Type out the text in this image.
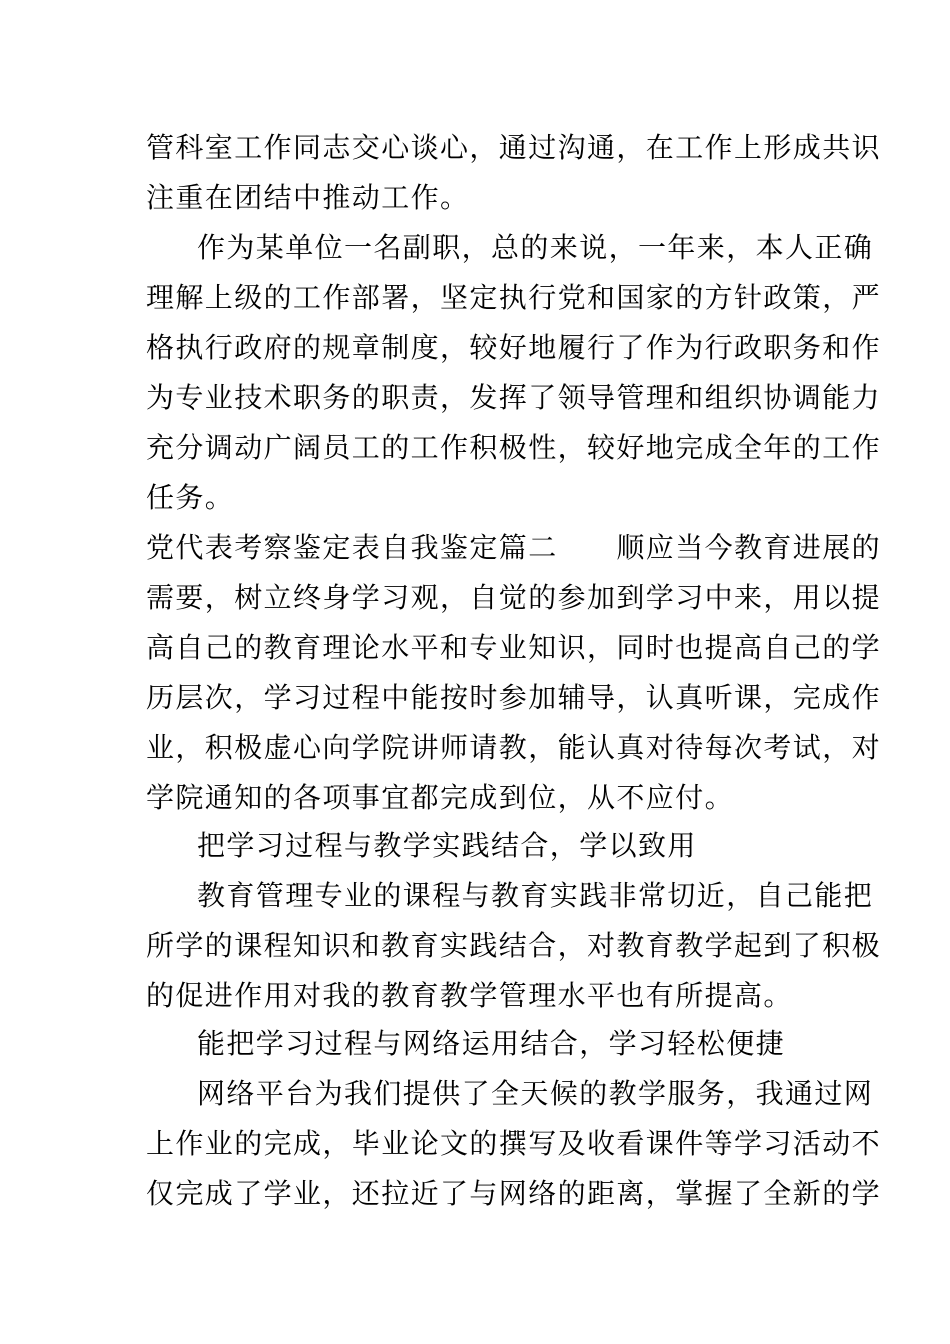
管科室工作同志交心谈心，通过沟通，在工作上形成共识
注重在团结中推动工作。
作为某单位一名副职，总的来说，一年来，本人正确
理解上级的工作部署，坚定执行党和国家的方针政策，严
格执行政府的规章制度，较好地履行了作为行政职务和作
为专业技术职务的职责，发挥了领导管理和组织协调能力
充分调动广阔员工的工作积极性，较好地完成全年的工作
任务。
党代表考察鉴定表自我鉴定篇二　　顺应当今教育进展的
需要，树立终身学习观，自觉的参加到学习中来，用以提
高自己的教育理论水平和专业知识，同时也提高自己的学
历层次，学习过程中能按时参加辅导，认真听课，完成作
业，积极虚心向学院讲师请教，能认真对待每次考试，对
学院通知的各项事宜都完成到位，从不应付。
把学习过程与教学实践结合，学以致用
教育管理专业的课程与教育实践非常切近，自己能把
所学的课程知识和教育实践结合，对教育教学起到了积极
的促进作用对我的教育教学管理水平也有所提高。
能把学习过程与网络运用结合，学习轻松便捷
网络平台为我们提供了全天候的教学服务，我通过网
上作业的完成，毕业论文的撰写及收看课件等学习活动不
仅完成了学业，还拉近了与网络的距离，掌握了全新的学
